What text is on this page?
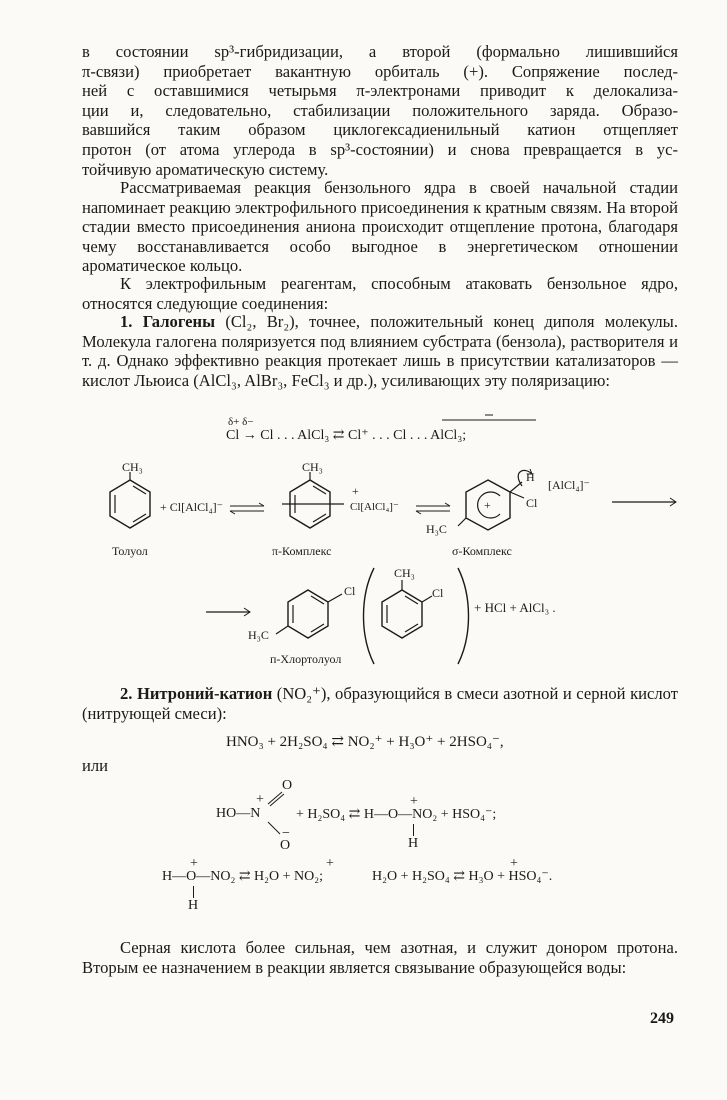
в состоянии sp³-гибридизации, а второй (формально лишившийся
π-связи) приобретает вакантную орбиталь (+). Сопряжение послед-
ней с оставшимися четырьмя π-электронами приводит к делокализа-
ции и, следовательно, стабилизации положительного заряда. Образо-
вавшийся таким образом циклогексадиенильный катион отщепляет
протон (от атома углерода в sp³-состоянии) и снова превращается в ус-
тойчивую ароматическую систему.

Рассматриваемая реакция бензольного ядра в своей начальной стадии напоминает реакцию электрофильного присоединения к кратным связям. На второй стадии вместо присоединения аниона происходит отщепление протона, благодаря чему восстанавливается особо выгодное в энергетическом отношении ароматическое кольцо.

К электрофильным реагентам, способным атаковать бензольное ядро, относятся следующие соединения:

1. Галогены (Cl₂, Br₂), точнее, положительный конец диполя молекулы. Молекула галогена поляризуется под влиянием субстрата (бензола), растворителя и т. д. Однако эффективно реакция протекает лишь в присутствии катализаторов — кислот Льюиса (AlCl₃, AlBr₃, FeCl₃ и др.), усиливающих эту поляризацию:

δ+ δ−
Cl → Cl . . . AlCl₃ ⇄ Cl⁺ . . . Cl . . . AlCl₃;
CH₃
+ Cl[AlCl₄]⁻
Толуол
CH₃
+
Cl[AlCl₄]⁻
π-Комплекс
+
H
[AlCl₄]⁻
Cl
H₃C
σ-Комплекс
Cl
H₃C
CH₃
Cl
+ HCl + AlCl₃ .
п-Хлортолуол

2. Нитроний-катион (NO₂⁺), образующийся в смеси азотной и серной кислот (нитрующей смеси):

HNO₃ + 2H₂SO₄ ⇄ NO₂⁺ + H₃O⁺ + 2HSO₄⁻,
или
O
+
HO—N
−
O
+
+ H₂SO₄ ⇄ H—O—NO₂ + HSO₄⁻;
H
+	+	+
H—O—NO₂ ⇄ H₂O + NO₂;	H₂O + H₂SO₄ ⇄ H₃O + HSO₄⁻.
H

Серная кислота более сильная, чем азотная, и служит донором протона. Вторым ее назначением в реакции является связывание образующейся воды:

249
